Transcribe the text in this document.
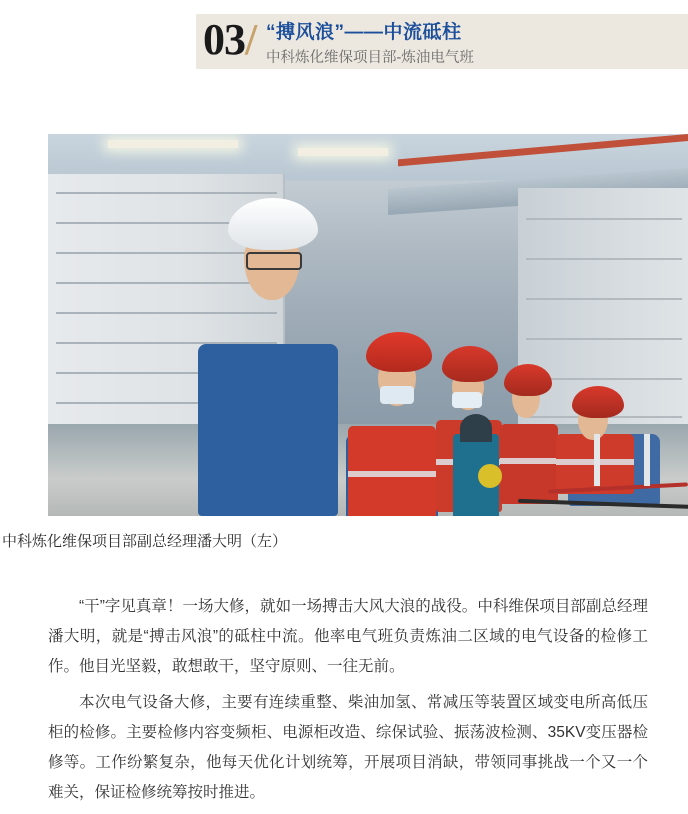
03/ “搏风浪”——中流砥柱
中科炼化维保项目部-炼油电气班
中科炼化维保项目部副总经理潘大明（左）

“干”字见真章！一场大修，就如一场搏击大风大浪的战役。中科维保项目部副总经理潘大明，就是“搏击风浪”的砥柱中流。他率电气班负责炼油二区域的电气设备的检修工作。他目光坚毅，敢想敢干，坚守原则、一往无前。

本次电气设备大修，主要有连续重整、柴油加氢、常减压等装置区域变电所高低压柜的检修。主要检修内容变频柜、电源柜改造、综保试验、振荡波检测、35KV变压器检修等。工作纷繁复杂，他每天优化计划统筹，开展项目消缺，带领同事挑战一个又一个难关，保证检修统筹按时推进。
